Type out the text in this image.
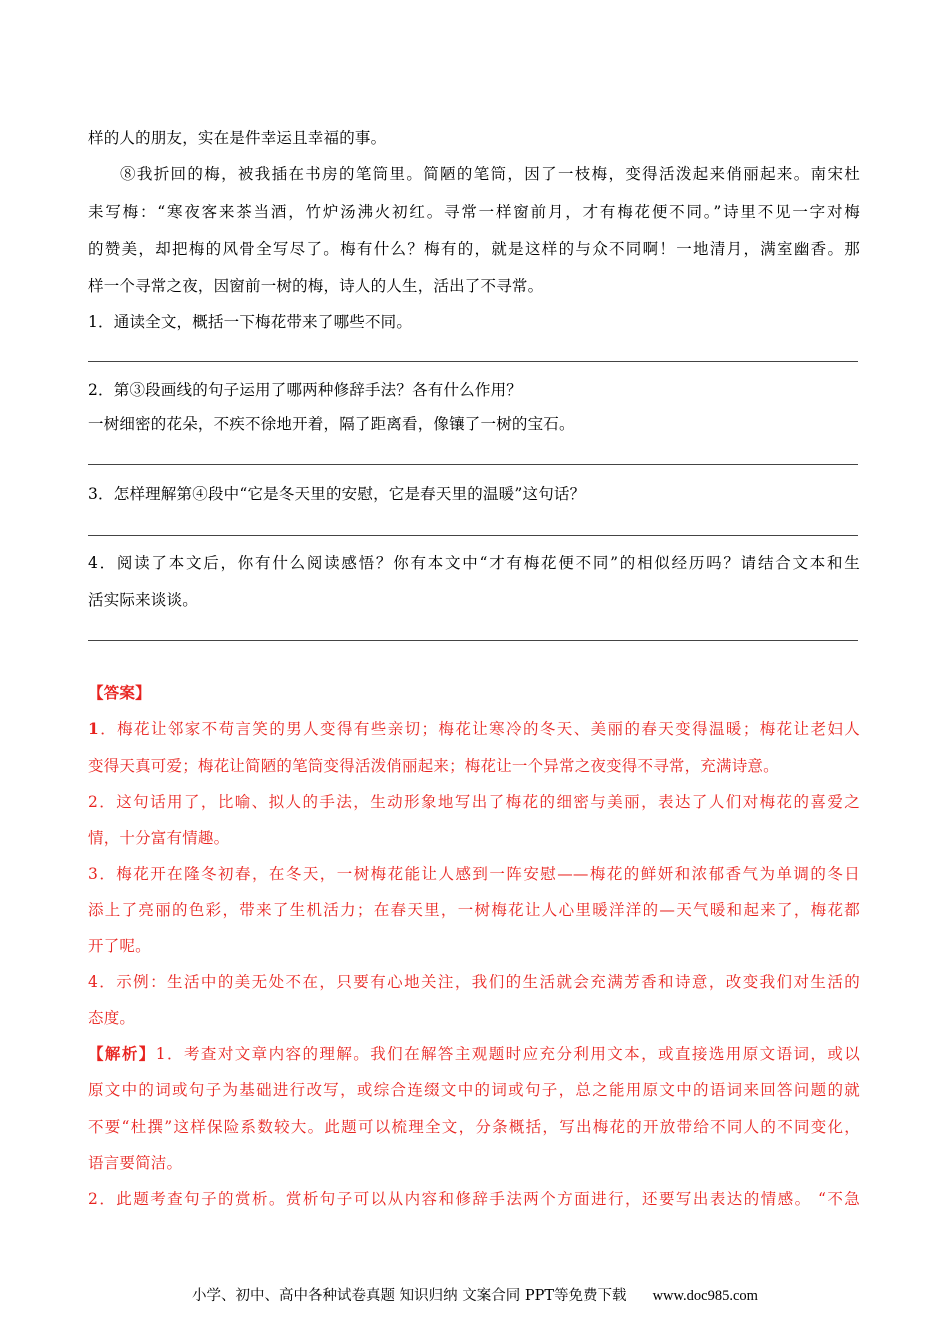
样的人的朋友，实在是件幸运且幸福的事。
⑧我折回的梅，被我插在书房的笔筒里。简陋的笔筒，因了一枝梅，变得活泼起来俏丽起来。南宋杜
耒写梅：“寒夜客来茶当酒，竹炉汤沸火初红。寻常一样窗前月，才有梅花便不同。”诗里不见一字对梅
的赞美，却把梅的风骨全写尽了。梅有什么？梅有的，就是这样的与众不同啊！一地清月，满室幽香。那
样一个寻常之夜，因窗前一树的梅，诗人的人生，活出了不寻常。
1．通读全文，概括一下梅花带来了哪些不同。
2．第③段画线的句子运用了哪两种修辞手法？各有什么作用？
一树细密的花朵，不疾不徐地开着，隔了距离看，像镶了一树的宝石。
3．怎样理解第④段中“它是冬天里的安慰，它是春天里的温暖”这句话？
4．阅读了本文后，你有什么阅读感悟？你有本文中“才有梅花便不同”的相似经历吗？请结合文本和生
活实际来谈谈。
【答案】
1．梅花让邻家不苟言笑的男人变得有些亲切；梅花让寒冷的冬天、美丽的春天变得温暖；梅花让老妇人
变得天真可爱；梅花让简陋的笔筒变得活泼俏丽起来；梅花让一个异常之夜变得不寻常，充满诗意。
2．这句话用了，比喻、拟人的手法，生动形象地写出了梅花的细密与美丽，表达了人们对梅花的喜爱之
情，十分富有情趣。
3．梅花开在隆冬初春，在冬天，一树梅花能让人感到一阵安慰——梅花的鲜妍和浓郁香气为单调的冬日
添上了亮丽的色彩，带来了生机活力；在春天里，一树梅花让人心里暖洋洋的—天气暖和起来了，梅花都
开了呢。
4．示例：生活中的美无处不在，只要有心地关注，我们的生活就会充满芳香和诗意，改变我们对生活的
态度。
【解析】1．考查对文章内容的理解。我们在解答主观题时应充分利用文本，或直接选用原文语词，或以
原文中的词或句子为基础进行改写，或综合连缀文中的词或句子，总之能用原文中的语词来回答问题的就
不要“杜撰”这样保险系数较大。此题可以梳理全文，分条概括，写出梅花的开放带给不同人的不同变化，
语言要简洁。
2．此题考查句子的赏析。赏析句子可以从内容和修辞手法两个方面进行，还要写出表达的情感。 “不急
小学、初中、高中各种试卷真题 知识归纳 文案合同 PPT等免费下载 www.doc985.com
